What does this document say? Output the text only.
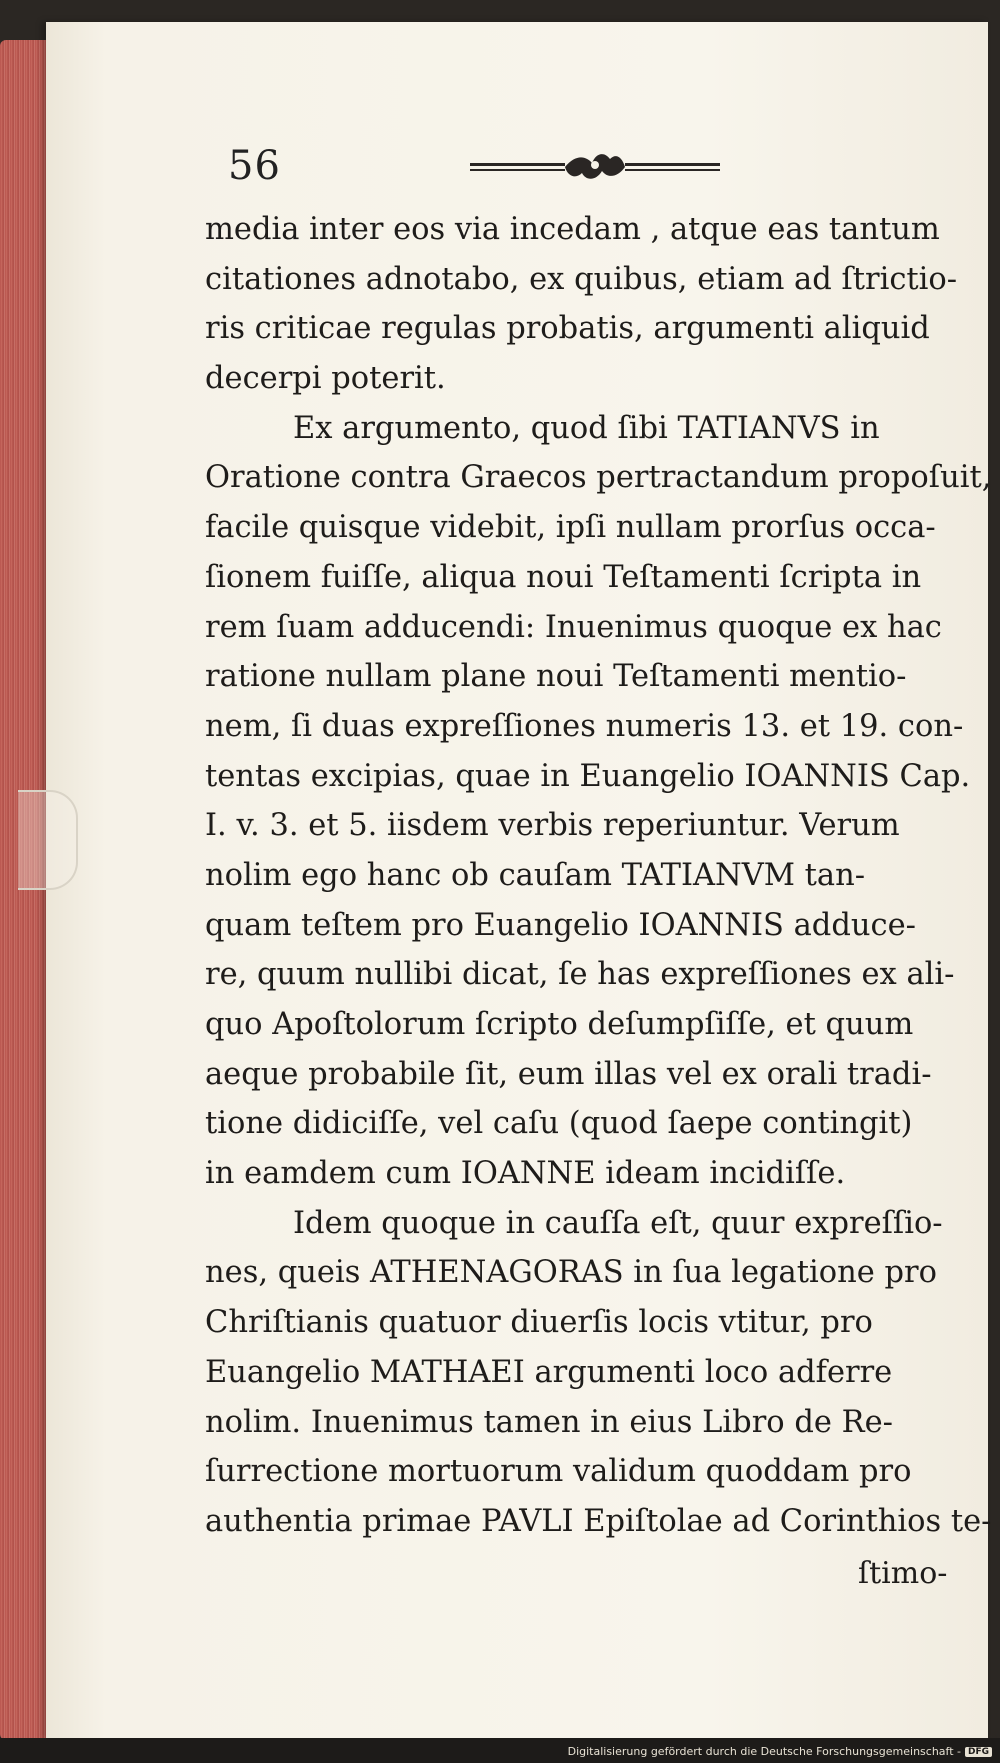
56
media inter eos via incedam , atque eas tantum
citationes adnotabo, ex quibus, etiam ad ſtrictio-
ris criticae regulas probatis, argumenti aliquid
decerpi poterit.
Ex argumento, quod ſibi TATIANVS in
Oratione contra Graecos pertractandum propoſuit,
facile quisque videbit, ipſi nullam prorſus occa-
ſionem fuiſſe, aliqua noui Teſtamenti ſcripta in
rem ſuam adducendi: Inuenimus quoque ex hac
ratione nullam plane noui Teſtamenti mentio-
nem, ſi duas expreſſiones numeris 13. et 19. con-
tentas excipias, quae in Euangelio IOANNIS Cap.
I. v. 3. et 5. iisdem verbis reperiuntur. Verum
nolim ego hanc ob cauſam TATIANVM tan-
quam teſtem pro Euangelio IOANNIS adduce-
re, quum nullibi dicat, ſe has expreſſiones ex ali-
quo Apoſtolorum ſcripto deſumpſiſſe, et quum
aeque probabile ſit, eum illas vel ex orali tradi-
tione didiciſſe, vel caſu (quod ſaepe contingit)
in eamdem cum IOANNE ideam incidiſſe.
Idem quoque in cauſſa eſt, quur expreſſio-
nes, queis ATHENAGORAS in ſua legatione pro
Chriſtianis quatuor diuerſis locis vtitur, pro
Euangelio MATHAEI argumenti loco adferre
nolim. Inuenimus tamen in eius Libro de Re-
ſurrectione mortuorum validum quoddam pro
authentia primae PAVLI Epiſtolae ad Corinthios te-
ſtimo-
Digitalisierung gefördert durch die Deutsche Forschungsgemeinschaft - DFG
